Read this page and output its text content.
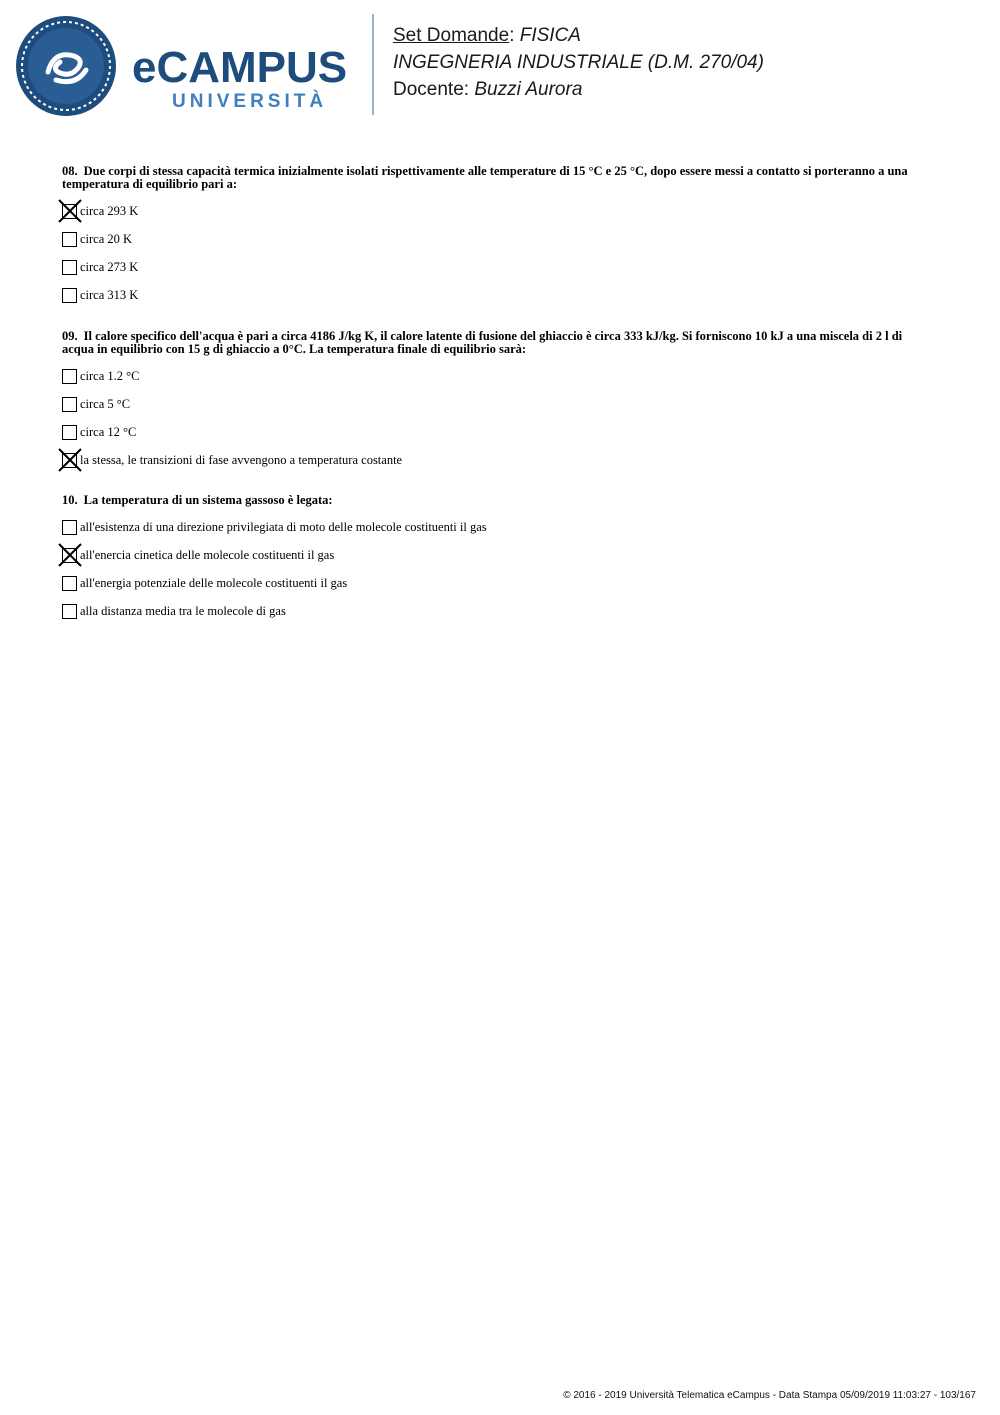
eCAMPUS
UNIVERSITÀ
Set Domande: FISICA
INGEGNERIA INDUSTRIALE (D.M. 270/04)
Docente: Buzzi Aurora
08. Due corpi di stessa capacità termica inizialmente isolati rispettivamente alle temperature di 15 °C e 25 °C, dopo essere messi a contatto si porteranno a una temperatura di equilibrio pari a:
circa 293 K
circa 20 K
circa 273 K
circa 313 K
09. Il calore specifico dell'acqua è pari a circa 4186 J/kg K, il calore latente di fusione del ghiaccio è circa 333 kJ/kg. Si forniscono 10 kJ a una miscela di 2 l di acqua in equilibrio con 15 g di ghiaccio a 0°C. La temperatura finale di equilibrio sarà:
circa 1.2 °C
circa 5 °C
circa 12 °C
la stessa, le transizioni di fase avvengono a temperatura costante
10. La temperatura di un sistema gassoso è legata:
all'esistenza di una direzione privilegiata di moto delle molecole costituenti il gas
all'enercia cinetica delle molecole costituenti il gas
all'energia potenziale delle molecole costituenti il gas
alla distanza media tra le molecole di gas
© 2016 - 2019 Università Telematica eCampus - Data Stampa 05/09/2019 11:03:27 - 103/167
